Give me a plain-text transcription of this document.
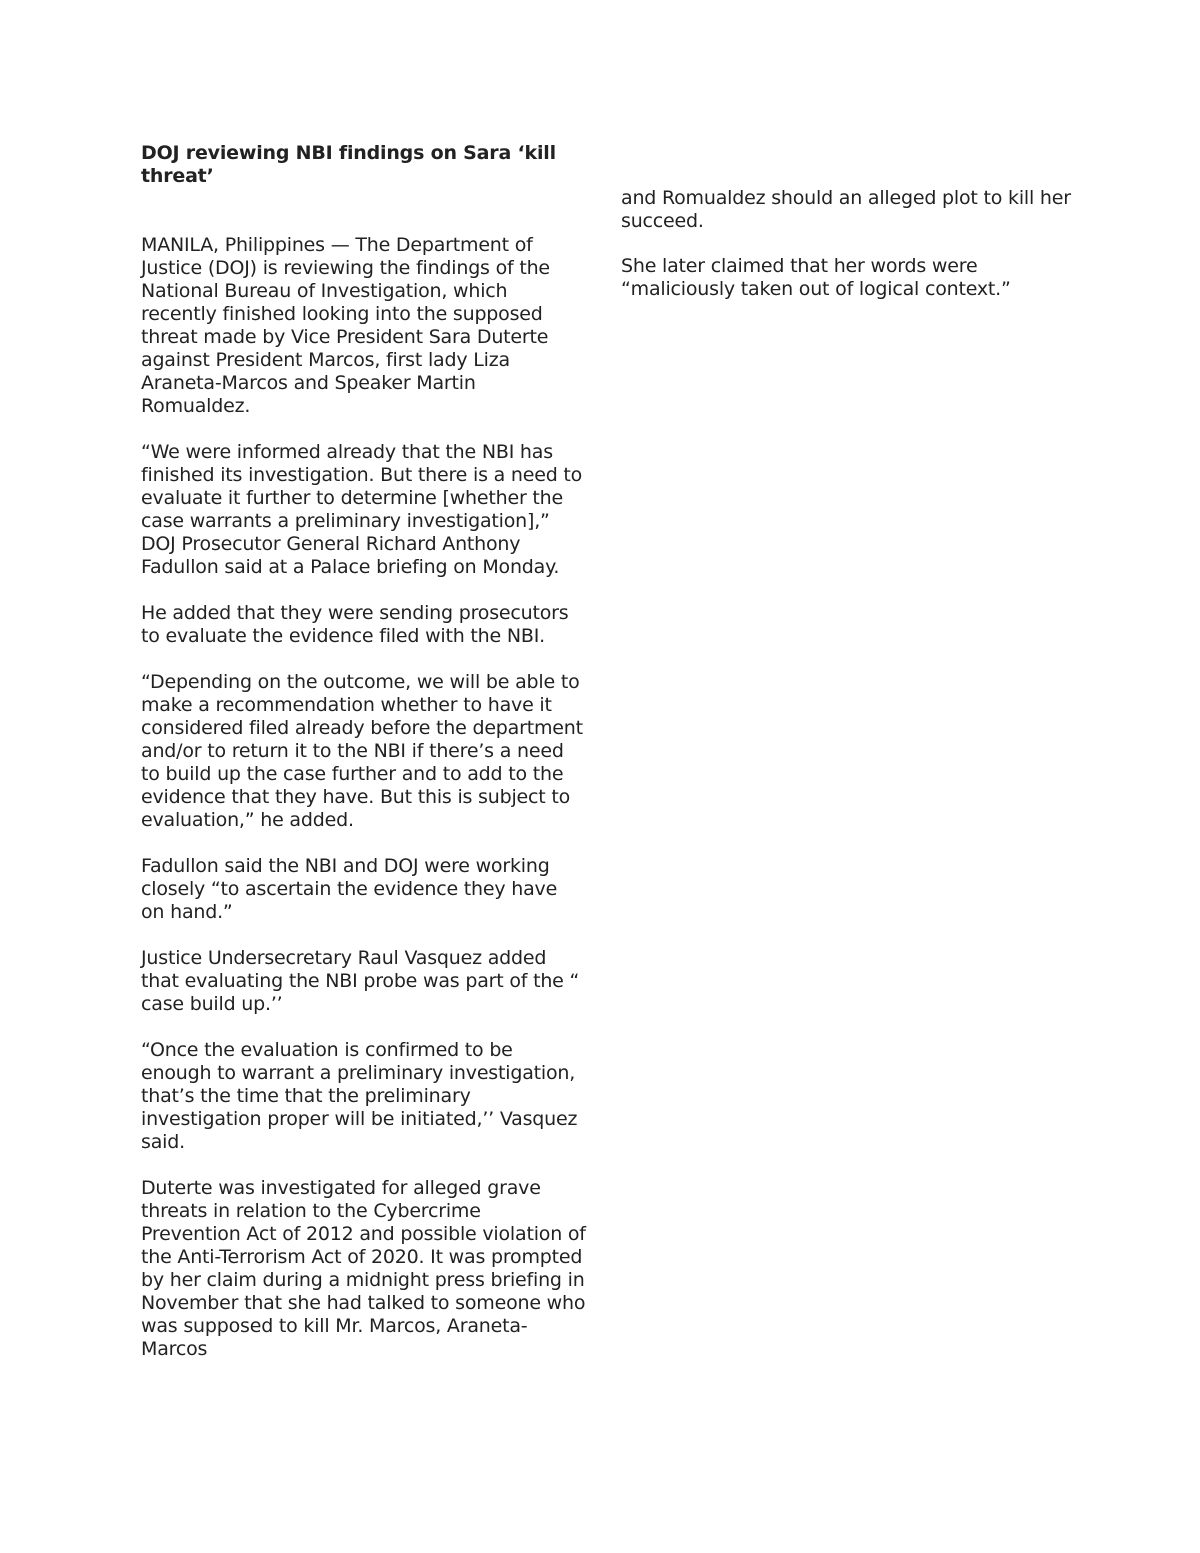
DOJ reviewing NBI findings on Sara ‘kill threat’

MANILA, Philippines — The Department of Justice (DOJ) is reviewing the findings of the National Bureau of Investigation, which recently finished looking into the supposed threat made by Vice President Sara Duterte against President Marcos, first lady Liza Araneta-Marcos and Speaker Martin Romualdez.

“We were informed already that the NBI has finished its investigation. But there is a need to evaluate it further to determine [whether the case warrants a preliminary investigation],” DOJ Prosecutor General Richard Anthony Fadullon said at a Palace briefing on Monday.

He added that they were sending prosecutors to evaluate the evidence filed with the NBI.

“Depending on the outcome, we will be able to make a recommendation whether to have it considered filed already before the department and/or to return it to the NBI if there’s a need to build up the case further and to add to the evidence that they have. But this is subject to evaluation,” he added.

Fadullon said the NBI and DOJ were working closely “to ascertain the evidence they have on hand.”

Justice Undersecretary Raul Vasquez added that evaluating the NBI probe was part of the “ case build up.’’

“Once the evaluation is confirmed to be enough to warrant a preliminary investigation, that’s the time that the preliminary investigation proper will be initiated,’’ Vasquez said.

Duterte was investigated for alleged grave threats in relation to the Cybercrime Prevention Act of 2012 and possible violation of the Anti-Terrorism Act of 2020. It was prompted by her claim during a midnight press briefing in November that she had talked to someone who was supposed to kill Mr. Marcos, Araneta-Marcos

and Romualdez should an alleged plot to kill her succeed.

She later claimed that her words were “maliciously taken out of logical context.”
